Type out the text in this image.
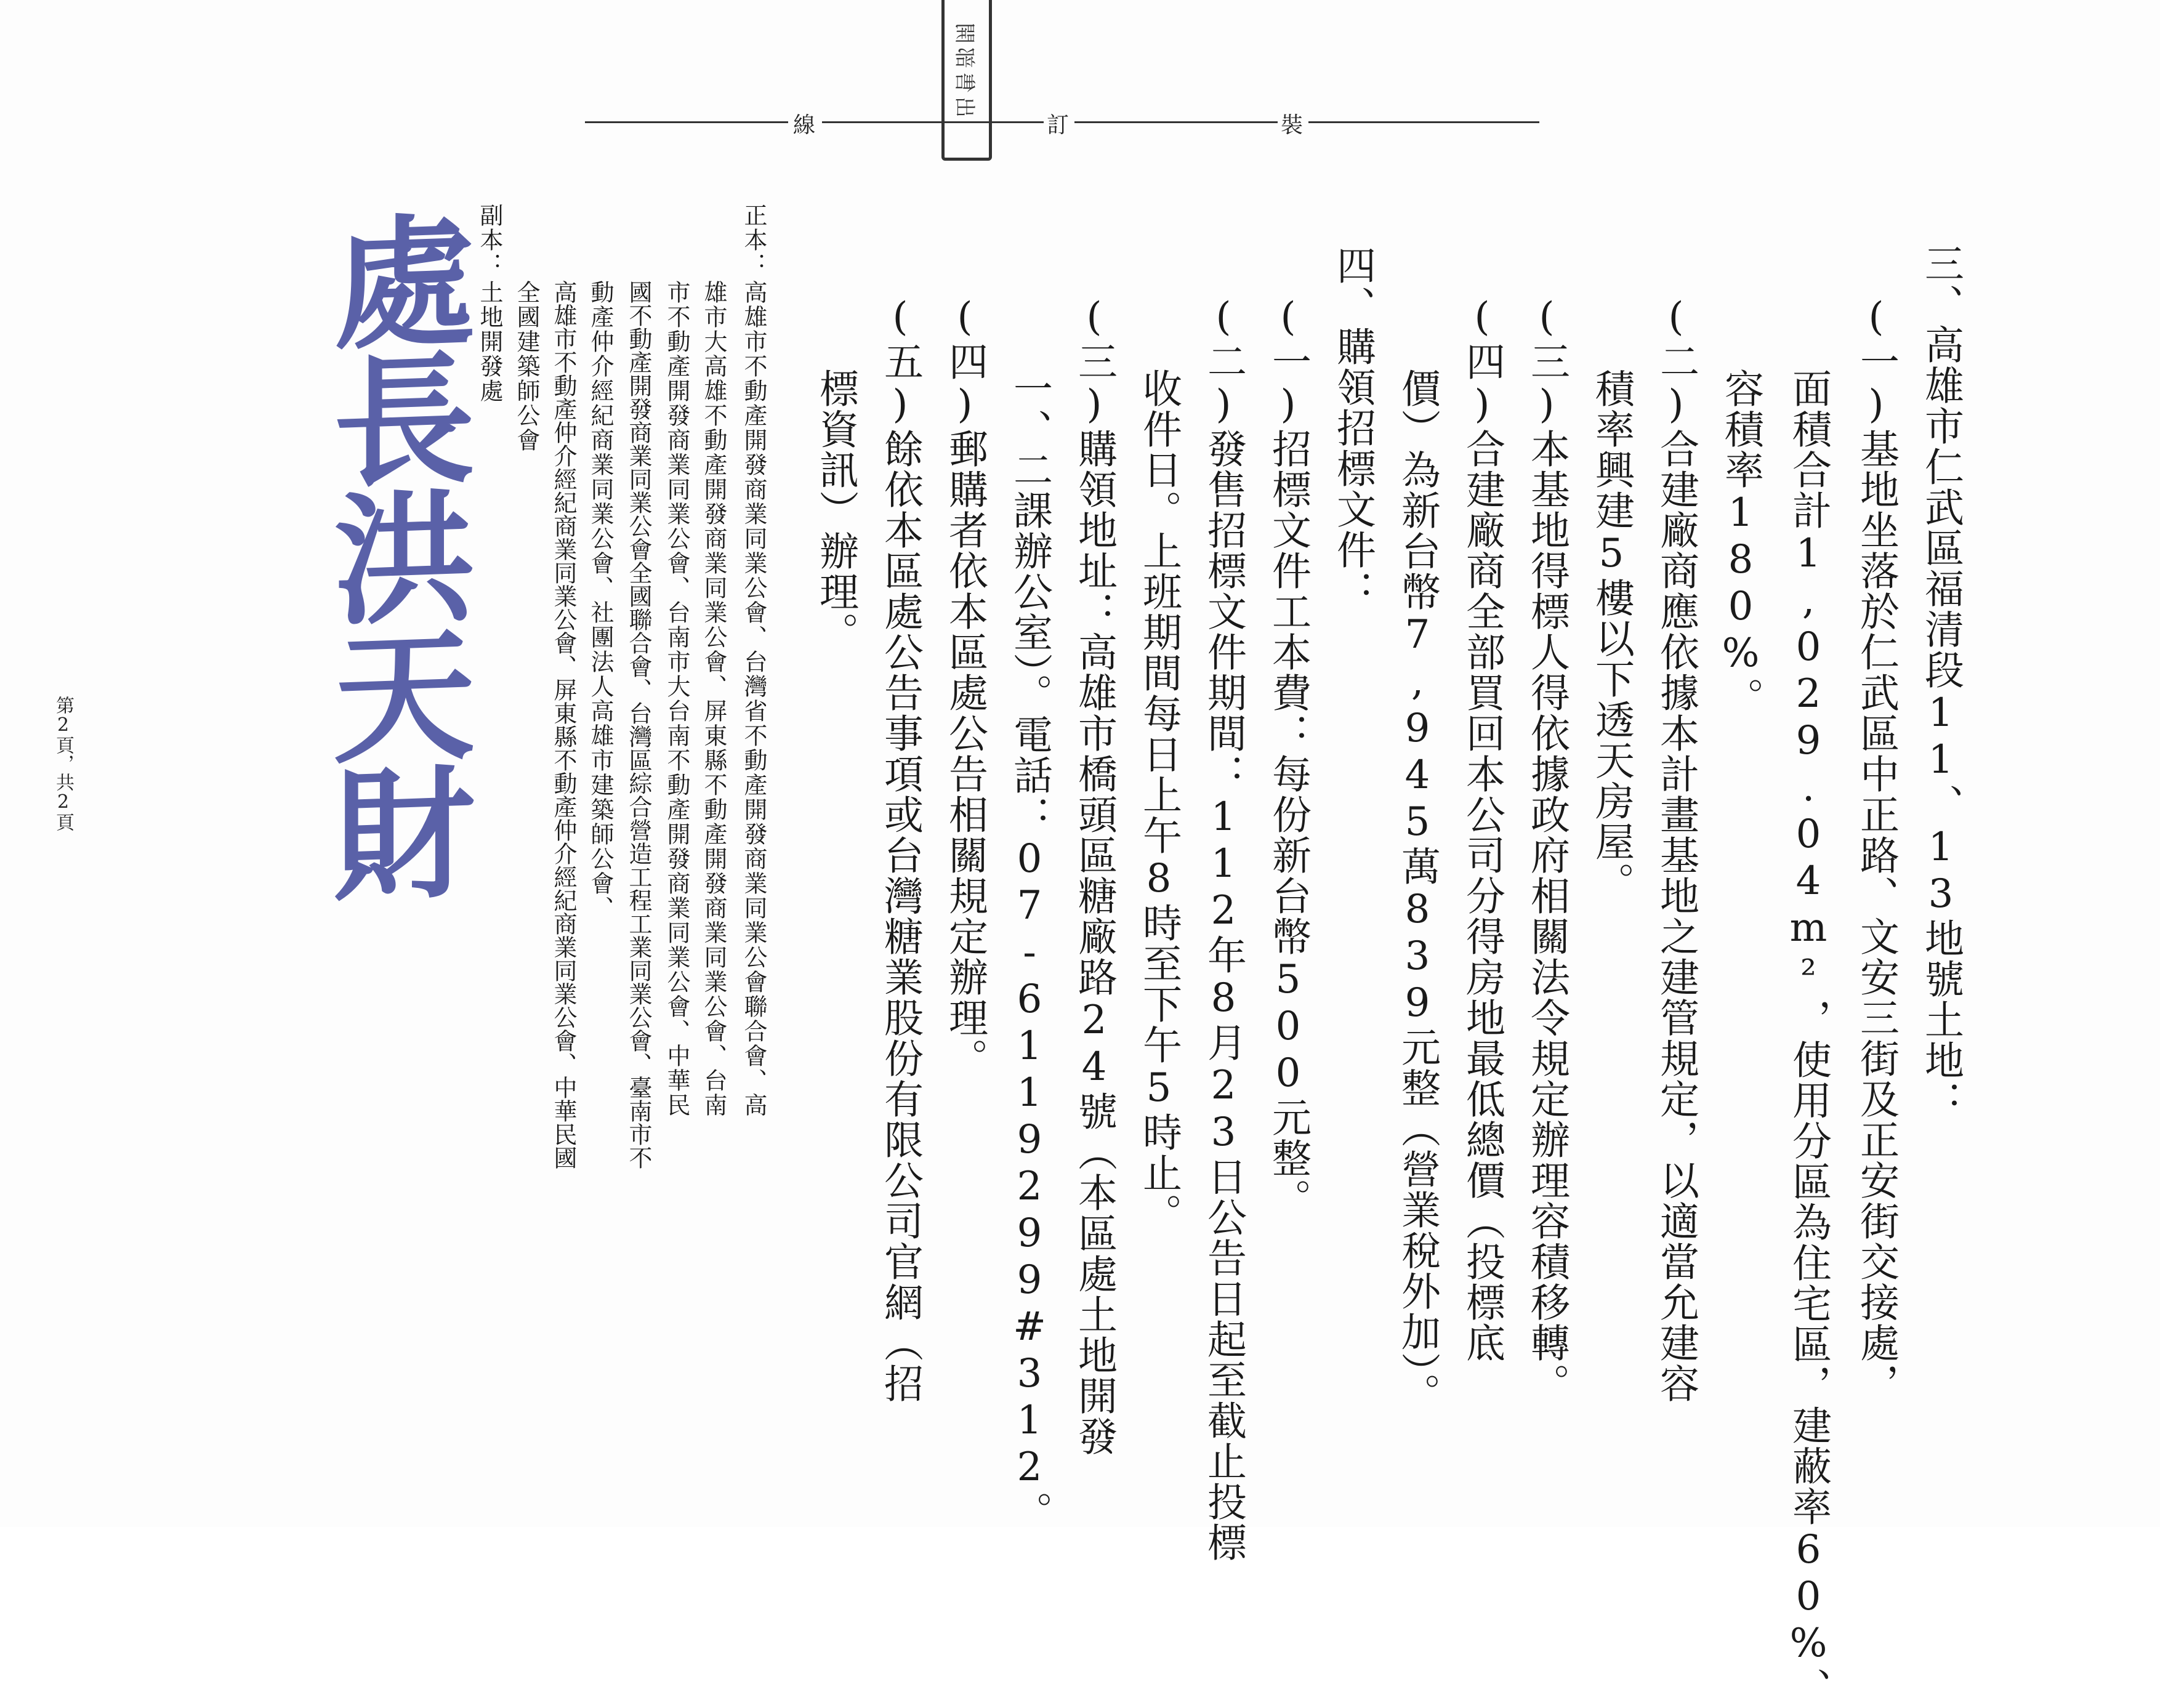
線	訂	裝
出售部開
三、高雄市仁武區福清段11、13地號土地：
(一)基地坐落於仁武區中正路、文安三街及正安街交接處，
面積合計1,029.04m²，使用分區為住宅區，建蔽率60%、
容積率180%。
(二)合建廠商應依據本計畫基地之建管規定，以適當允建容
積率興建5樓以下透天房屋。
(三)本基地得標人得依據政府相關法令規定辦理容積移轉。
(四)合建廠商全部買回本公司分得房地最低總價（投標底
價）為新台幣7,945萬839元整（營業稅外加）。
四、購領招標文件：
(一)招標文件工本費：每份新台幣500元整。
(二)發售招標文件期間：112年8月23日公告日起至截止投標
收件日。上班期間每日上午8時至下午5時止。
(三)購領地址：高雄市橋頭區糖廠路24號（本區處土地開發
一、二課辦公室）。電話：07-6119299#312。
(四)郵購者依本區處公告相關規定辦理。
(五)餘依本區處公告事項或台灣糖業股份有限公司官網（招
標資訊）辦理。
正本：
高雄市不動產開發商業同業公會、台灣省不動產開發商業同業公會聯合會、高
雄市大高雄不動產開發商業同業公會、屏東縣不動產開發商業同業公會、台南
市不動產開發商業同業公會、台南市大台南不動產開發商業同業公會、中華民
國不動產開發商業同業公會全國聯合會、台灣區綜合營造工程工業同業公會、臺南市不
動產仲介經紀商業同業公會、社團法人高雄市建築師公會、
高雄市不動產仲介經紀商業同業公會、屏東縣不動產仲介經紀商業同業公會、中華民國
全國建築師公會
副本：
土地開發處
處長洪天財
第2頁，共2頁
